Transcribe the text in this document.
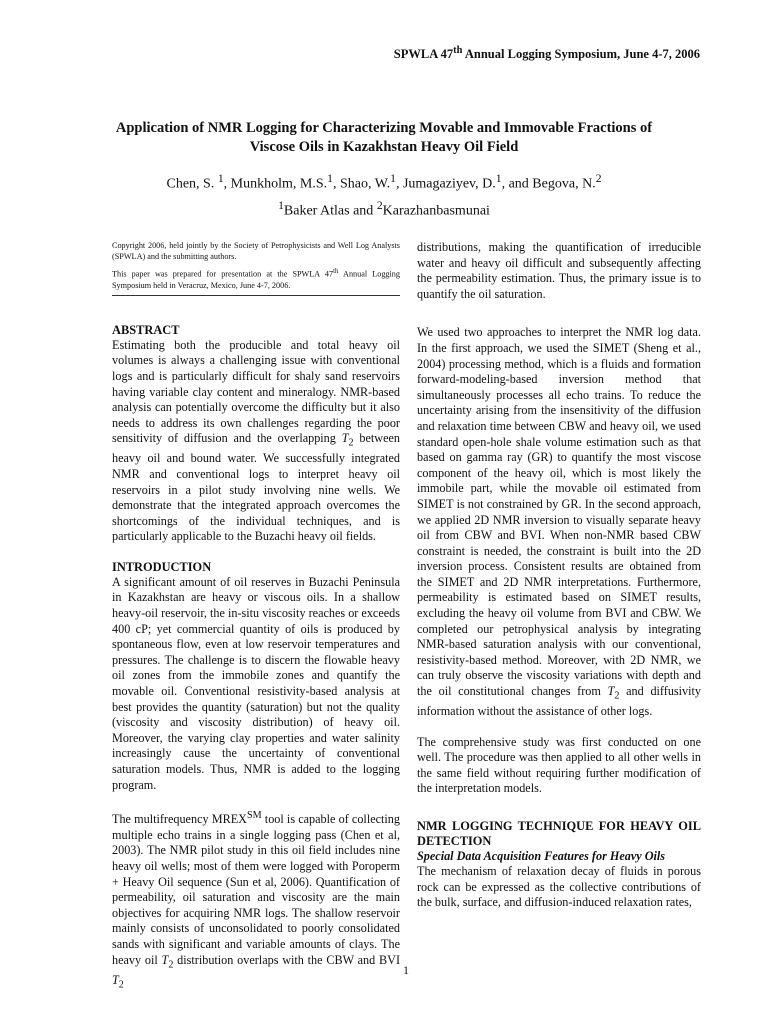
SPWLA 47th Annual Logging Symposium, June 4-7, 2006
Application of NMR Logging for Characterizing Movable and Immovable Fractions of
Viscose Oils in Kazakhstan Heavy Oil Field
Chen, S. $^1$, Munkholm, M.S.$^1$, Shao, W.$^1$, Jumagaziyev, D.$^1$, and Begova, N.$^2$
$^1$Baker Atlas and $^2$Karazhanbasmunai

Copyright 2006, held jointly by the Society of Petrophysicists and Well Log Analysts (SPWLA) and the submitting authors.

This paper was prepared for presentation at the SPWLA 47th Annual Logging Symposium held in Veracruz, Mexico, June 4-7, 2006.

ABSTRACT

Estimating both the producible and total heavy oil volumes is always a challenging issue with conventional logs and is particularly difficult for shaly sand reservoirs having variable clay content and mineralogy. NMR-based analysis can potentially overcome the difficulty but it also needs to address its own challenges regarding the poor sensitivity of diffusion and the overlapping $T_2$ between heavy oil and bound water. We successfully integrated NMR and conventional logs to interpret heavy oil reservoirs in a pilot study involving nine wells. We demonstrate that the integrated approach overcomes the shortcomings of the individual techniques, and is particularly applicable to the Buzachi heavy oil fields.

INTRODUCTION

A significant amount of oil reserves in Buzachi Peninsula in Kazakhstan are heavy or viscous oils. In a shallow heavy-oil reservoir, the in-situ viscosity reaches or exceeds 400 cP; yet commercial quantity of oils is produced by spontaneous flow, even at low reservoir temperatures and pressures. The challenge is to discern the flowable heavy oil zones from the immobile zones and quantify the movable oil. Conventional resistivity-based analysis at best provides the quantity (saturation) but not the quality (viscosity and viscosity distribution) of heavy oil. Moreover, the varying clay properties and water salinity increasingly cause the uncertainty of conventional saturation models. Thus, NMR is added to the logging program.

The multifrequency MREX℠ tool is capable of collecting multiple echo trains in a single logging pass (Chen et al, 2003). The NMR pilot study in this oil field includes nine heavy oil wells; most of them were logged with Poroperm + Heavy Oil sequence (Sun et al, 2006). Quantification of permeability, oil saturation and viscosity are the main objectives for acquiring NMR logs. The shallow reservoir mainly consists of unconsolidated to poorly consolidated sands with significant and variable amounts of clays. The heavy oil $T_2$ distribution overlaps with the CBW and BVI $T_2$

distributions, making the quantification of irreducible water and heavy oil difficult and subsequently affecting the permeability estimation. Thus, the primary issue is to quantify the oil saturation.

We used two approaches to interpret the NMR log data. In the first approach, we used the SIMET (Sheng et al., 2004) processing method, which is a fluids and formation forward-modeling-based inversion method that simultaneously processes all echo trains. To reduce the uncertainty arising from the insensitivity of the diffusion and relaxation time between CBW and heavy oil, we used standard open-hole shale volume estimation such as that based on gamma ray (GR) to quantify the most viscose component of the heavy oil, which is most likely the immobile part, while the movable oil estimated from SIMET is not constrained by GR. In the second approach, we applied 2D NMR inversion to visually separate heavy oil from CBW and BVI. When non-NMR based CBW constraint is needed, the constraint is built into the 2D inversion process. Consistent results are obtained from the SIMET and 2D NMR interpretations. Furthermore, permeability is estimated based on SIMET results, excluding the heavy oil volume from BVI and CBW. We completed our petrophysical analysis by integrating NMR-based saturation analysis with our conventional, resistivity-based method. Moreover, with 2D NMR, we can truly observe the viscosity variations with depth and the oil constitutional changes from $T_2$ and diffusivity information without the assistance of other logs.

The comprehensive study was first conducted on one well. The procedure was then applied to all other wells in the same field without requiring further modification of the interpretation models.

NMR LOGGING TECHNIQUE FOR HEAVY OIL DETECTION
Special Data Acquisition Features for Heavy Oils

The mechanism of relaxation decay of fluids in porous rock can be expressed as the collective contributions of the bulk, surface, and diffusion-induced relaxation rates,

1
